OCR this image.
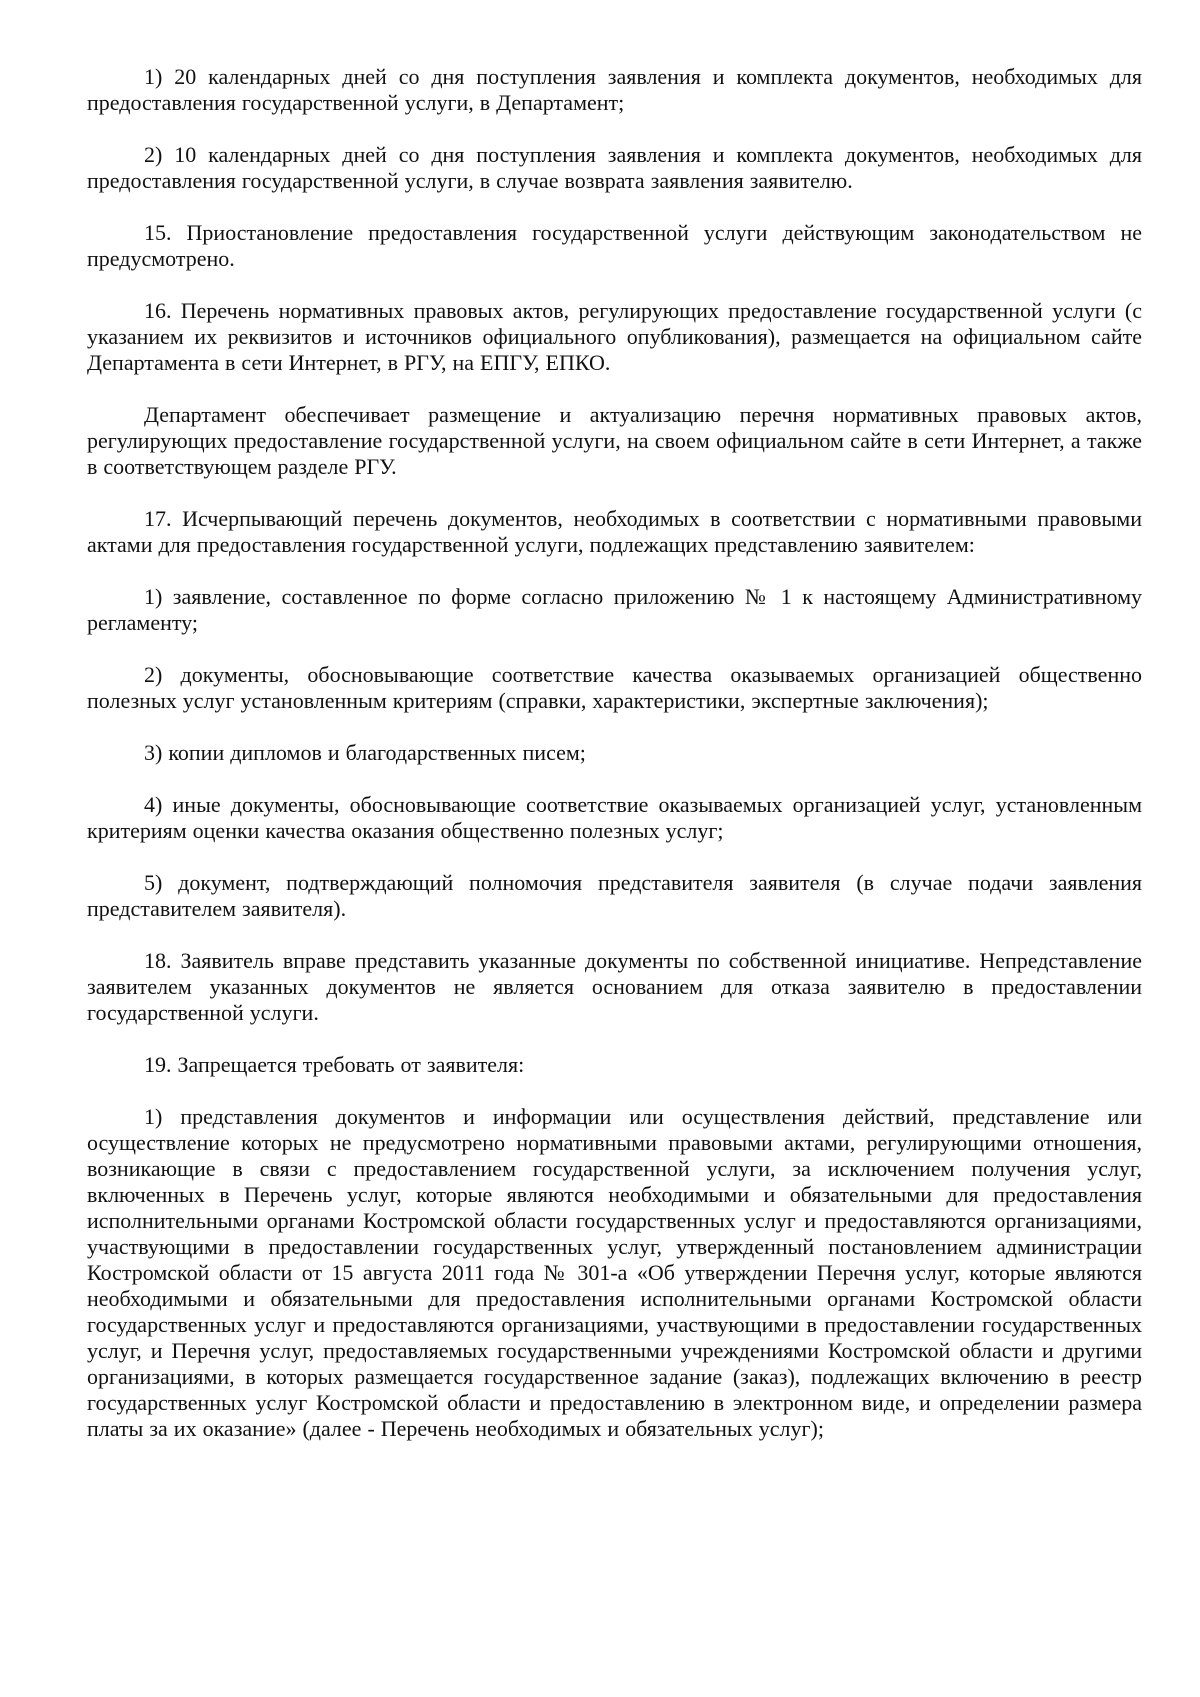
1) 20 календарных дней со дня поступления заявления и комплекта документов, необходимых для предоставления государственной услуги, в Департамент;

2) 10 календарных дней со дня поступления заявления и комплекта документов, необходимых для предоставления государственной услуги, в случае возврата заявления заявителю.

15. Приостановление предоставления государственной услуги действующим законодательством не предусмотрено.

16. Перечень нормативных правовых актов, регулирующих предоставление государственной услуги (с указанием их реквизитов и источников официального опубликования), размещается на официальном сайте Департамента в сети Интернет, в РГУ, на ЕПГУ, ЕПКО.

Департамент обеспечивает размещение и актуализацию перечня нормативных правовых актов, регулирующих предоставление государственной услуги, на своем официальном сайте в сети Интернет, а также в соответствующем разделе РГУ.

17. Исчерпывающий перечень документов, необходимых в соответствии с нормативными правовыми актами для предоставления государственной услуги, подлежащих представлению заявителем:

1) заявление, составленное по форме согласно приложению № 1 к настоящему Административному регламенту;

2) документы, обосновывающие соответствие качества оказываемых организацией общественно полезных услуг установленным критериям (справки, характеристики, экспертные заключения);

3) копии дипломов и благодарственных писем;

4) иные документы, обосновывающие соответствие оказываемых организацией услуг, установленным критериям оценки качества оказания общественно полезных услуг;

5) документ, подтверждающий полномочия представителя заявителя (в случае подачи заявления представителем заявителя).

18. Заявитель вправе представить указанные документы по собственной инициативе. Непредставление заявителем указанных документов не является основанием для отказа заявителю в предоставлении государственной услуги.

19. Запрещается требовать от заявителя:

1) представления документов и информации или осуществления действий, представление или осуществление которых не предусмотрено нормативными правовыми актами, регулирующими отношения, возникающие в связи с предоставлением государственной услуги, за исключением получения услуг, включенных в Перечень услуг, которые являются необходимыми и обязательными для предоставления исполнительными органами Костромской области государственных услуг и предоставляются организациями, участвующими в предоставлении государственных услуг, утвержденный постановлением администрации Костромской области от 15 августа 2011 года № 301-а «Об утверждении Перечня услуг, которые являются необходимыми и обязательными для предоставления исполнительными органами Костромской области государственных услуг и предоставляются организациями, участвующими в предоставлении государственных услуг, и Перечня услуг, предоставляемых государственными учреждениями Костромской области и другими организациями, в которых размещается государственное задание (заказ), подлежащих включению в реестр государственных услуг Костромской области и предоставлению в электронном виде, и определении размера платы за их оказание» (далее - Перечень необходимых и обязательных услуг);
